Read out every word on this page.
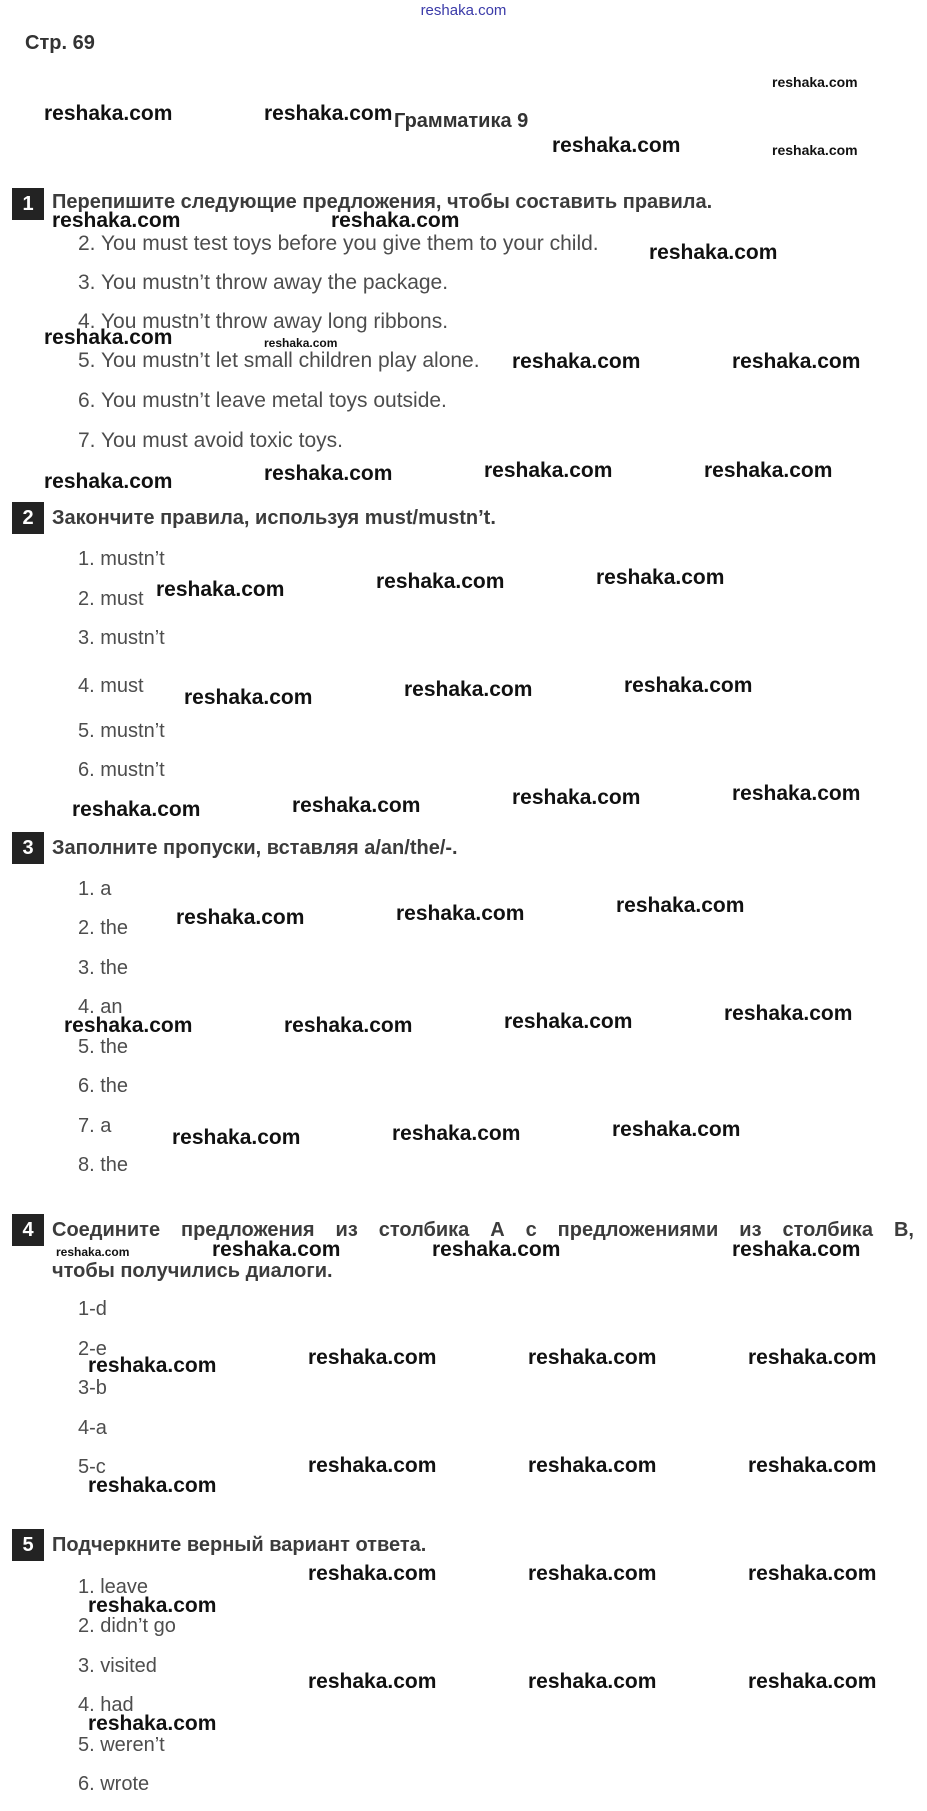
reshaka.com
Стр. 69
Грамматика 9
1 Перепишите следующие предложения, чтобы составить правила.
2. You must test toys before you give them to your child.
3. You mustn’t throw away the package.
4. You mustn’t throw away long ribbons.
5. You mustn’t let small children play alone.
6. You mustn’t leave metal toys outside.
7. You must avoid toxic toys.
2 Закончите правила, используя must/mustn’t.
1. mustn’t
2. must
3. mustn’t
4. must
5. mustn’t
6. mustn’t
3 Заполните пропуски, вставляя a/an/the/-.
1. a
2. the
3. the
4. an
5. the
6. the
7. a
8. the
4 Соедините предложения из столбика А с предложениями из столбика В,
чтобы получились диалоги.
1-d
2-e
3-b
4-a
5-c
5 Подчеркните верный вариант ответа.
1. leave
2. didn’t go
3. visited
4. had
5. weren’t
6. wrote
reshaka.com
reshaka.com	reshaka.com
reshaka.com	reshaka.com
reshaka.com	reshaka.com
reshaka.com
reshaka.com	reshaka.com
reshaka.com	reshaka.com
reshaka.com	reshaka.com	reshaka.com	reshaka.com
reshaka.com	reshaka.com	reshaka.com
reshaka.com	reshaka.com	reshaka.com
reshaka.com	reshaka.com	reshaka.com	reshaka.com
reshaka.com	reshaka.com	reshaka.com
reshaka.com	reshaka.com	reshaka.com	reshaka.com
reshaka.com	reshaka.com	reshaka.com
reshaka.com	reshaka.com	reshaka.com	reshaka.com
reshaka.com	reshaka.com	reshaka.com	reshaka.com
reshaka.com
reshaka.com	reshaka.com	reshaka.com
reshaka.com	reshaka.com	reshaka.com
reshaka.com
reshaka.com	reshaka.com	reshaka.com
reshaka.com
